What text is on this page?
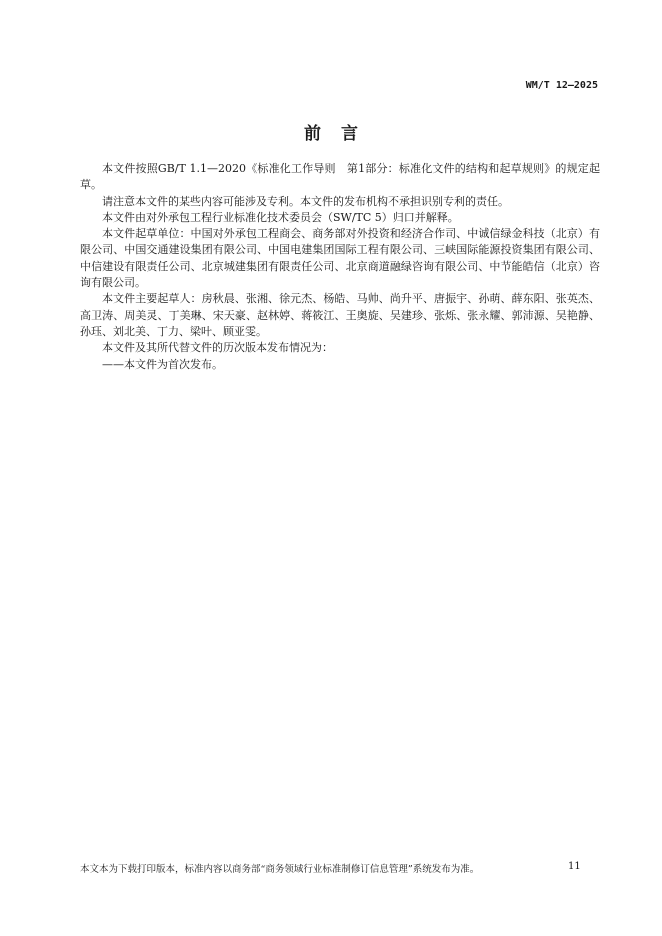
WM/T 12—2025
前言

本文件按照GB/T 1.1—2020《标准化工作导则　第1部分：标准化文件的结构和起草规则》的规定起草。

请注意本文件的某些内容可能涉及专利。本文件的发布机构不承担识别专利的责任。

本文件由对外承包工程行业标准化技术委员会（SW/TC 5）归口并解释。

本文件起草单位：中国对外承包工程商会、商务部对外投资和经济合作司、中诚信绿金科技（北京）有限公司、中国交通建设集团有限公司、中国电建集团国际工程有限公司、三峡国际能源投资集团有限公司、中信建设有限责任公司、北京城建集团有限责任公司、北京商道融绿咨询有限公司、中节能皓信（北京）咨询有限公司。

本文件主要起草人：房秋晨、张湘、徐元杰、杨皓、马帅、尚升平、唐振宇、孙萌、薛东阳、张英杰、高卫涛、周美灵、丁美琳、宋天豪、赵林婷、蒋筱江、王奥旋、吴建珍、张烁、张永耀、郭沛源、吴艳静、孙珏、刘北美、丁力、梁叶、顾亚雯。

本文件及其所代替文件的历次版本发布情况为：

——本文件为首次发布。

本文本为下载打印版本，标准内容以商务部“商务领域行业标准制修订信息管理”系统发布为准。	11
